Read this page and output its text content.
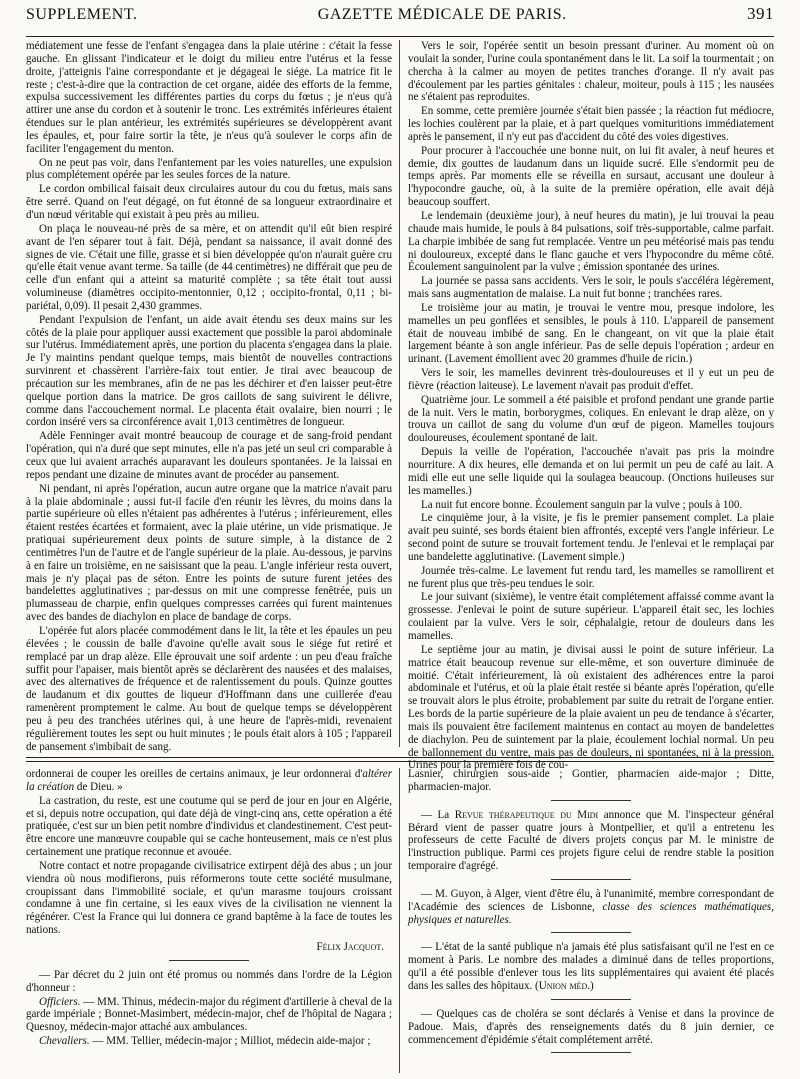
SUPPLEMENT.	GAZETTE MÉDICALE DE PARIS.	391

médiatement une fesse de l'enfant s'engagea dans la plaie utérine : c'était la fesse gauche. En glissant l'indicateur et le doigt du milieu entre l'utérus et la fesse droite, j'atteignis l'aine correspondante et je dégageai le siége. La matrice fit le reste ; c'est-à-dire que la contraction de cet organe, aidée des efforts de la femme, expulsa successivement les différentes parties du corps du fœtus ; je n'eus qu'à attirer une anse du cordon et à soutenir le tronc. Les extrémités inférieures étaient étendues sur le plan antérieur, les extrémités supérieures se développèrent avant les épaules, et, pour faire sortir la tête, je n'eus qu'à soulever le corps afin de faciliter l'engagement du menton.

On ne peut pas voir, dans l'enfantement par les voies naturelles, une expulsion plus complétement opérée par les seules forces de la nature.

Le cordon ombilical faisait deux circulaires autour du cou du fœtus, mais sans être serré. Quand on l'eut dégagé, on fut étonné de sa longueur extraordinaire et d'un nœud véritable qui existait à peu près au milieu.

On plaça le nouveau-né près de sa mère, et on attendit qu'il eût bien respiré avant de l'en séparer tout à fait. Déjà, pendant sa naissance, il avait donné des signes de vie. C'était une fille, grasse et si bien développée qu'on n'aurait guère cru qu'elle était venue avant terme. Sa taille (de 44 centimètres) ne différait que peu de celle d'un enfant qui a atteint sa maturité complète ; sa tête était tout aussi volumineuse (diamètres occipito-mentonnier, 0,12 ; occipito-frontal, 0,11 ; bi-pariétal, 0,09). Il pesait 2,430 grammes.

Pendant l'expulsion de l'enfant, un aide avait étendu ses deux mains sur les côtés de la plaie pour appliquer aussi exactement que possible la paroi abdominale sur l'utérus. Immédiatement après, une portion du placenta s'engagea dans la plaie. Je l'y maintins pendant quelque temps, mais bientôt de nouvelles contractions survinrent et chassèrent l'arrière-faix tout entier. Je tirai avec beaucoup de précaution sur les membranes, afin de ne pas les déchirer et d'en laisser peut-être quelque portion dans la matrice. De gros caillots de sang suivirent le délivre, comme dans l'accouchement normal. Le placenta était ovalaire, bien nourri ; le cordon inséré vers sa circonférence avait 1,013 centimètres de longueur.

Adèle Fenninger avait montré beaucoup de courage et de sang-froid pendant l'opération, qui n'a duré que sept minutes, elle n'a pas jeté un seul cri comparable à ceux que lui avaient arrachés auparavant les douleurs spontanées. Je la laissai en repos pendant une dizaine de minutes avant de procéder au pansement.

Ni pendant, ni après l'opération, aucun autre organe que la matrice n'avait paru à la plaie abdominale ; aussi fut-il facile d'en réunir les lèvres, du moins dans la partie supérieure où elles n'étaient pas adhérentes à l'utérus ; inférieurement, elles étaient restées écartées et formaient, avec la plaie utérine, un vide prismatique. Je pratiquai supérieurement deux points de suture simple, à la distance de 2 centimètres l'un de l'autre et de l'angle supérieur de la plaie. Au-dessous, je parvins à en faire un troisième, en ne saisissant que la peau. L'angle inférieur resta ouvert, mais je n'y plaçai pas de séton. Entre les points de suture furent jetées des bandelettes agglutinatives ; par-dessus on mit une compresse fenêtrée, puis un plumasseau de charpie, enfin quelques compresses carrées qui furent maintenues avec des bandes de diachylon en place de bandage de corps.

L'opérée fut alors placée commodément dans le lit, la tête et les épaules un peu élevées ; le coussin de balle d'avoine qu'elle avait sous le siége fut retiré et remplacé par un drap alèze. Elle éprouvait une soif ardente : un peu d'eau fraîche suffit pour l'apaiser, mais bientôt après se déclarèrent des nausées et des malaises, avec des alternatives de fréquence et de ralentissement du pouls. Quinze gouttes de laudanum et dix gouttes de liqueur d'Hoffmann dans une cuillerée d'eau ramenèrent promptement le calme. Au bout de quelque temps se développèrent peu à peu des tranchées utérines qui, à une heure de l'après-midi, revenaient régulièrement toutes les sept ou huit minutes ; le pouls était alors à 105 ; l'appareil de pansement s'imbibait de sang.

Vers le soir, l'opérée sentit un besoin pressant d'uriner. Au moment où on voulait la sonder, l'urine coula spontanément dans le lit. La soif la tourmentait ; on chercha à la calmer au moyen de petites tranches d'orange. Il n'y avait pas d'écoulement par les parties génitales : chaleur, moiteur, pouls à 115 ; les nausées ne s'étaient pas reproduites.

En somme, cette première journée s'était bien passée ; la réaction fut médiocre, les lochies coulèrent par la plaie, et à part quelques vomituritions immédiatement après le pansement, il n'y eut pas d'accident du côté des voies digestives.

Pour procurer à l'accouchée une bonne nuit, on lui fit avaler, à neuf heures et demie, dix gouttes de laudanum dans un liquide sucré. Elle s'endormit peu de temps après. Par moments elle se réveilla en sursaut, accusant une douleur à l'hypocondre gauche, où, à la suite de la première opération, elle avait déjà beaucoup souffert.

Le lendemain (deuxième jour), à neuf heures du matin), je lui trouvai la peau chaude mais humide, le pouls à 84 pulsations, soif très-supportable, calme parfait. La charpie imbibée de sang fut remplacée. Ventre un peu météorisé mais pas tendu ni douloureux, excepté dans le flanc gauche et vers l'hypocondre du même côté. Écoulement sanguinolent par la vulve ; émission spontanée des urines.

La journée se passa sans accidents. Vers le soir, le pouls s'accéléra légèrement, mais sans augmentation de malaise. La nuit fut bonne ; tranchées rares.

Le troisième jour au matin, je trouvai le ventre mou, presque indolore, les mamelles un peu gonflées et sensibles, le pouls à 110. L'appareil de pansement était de nouveau imbibé de sang. En le changeant, on vit que la plaie était largement béante à son angle inférieur. Pas de selle depuis l'opération ; ardeur en urinant. (Lavement émollient avec 20 grammes d'huile de ricin.)

Vers le soir, les mamelles devinrent très-douloureuses et il y eut un peu de fièvre (réaction laiteuse). Le lavement n'avait pas produit d'effet.

Quatrième jour. Le sommeil a été paisible et profond pendant une grande partie de la nuit. Vers le matin, borborygmes, coliques. En enlevant le drap alèze, on y trouva un caillot de sang du volume d'un œuf de pigeon. Mamelles toujours douloureuses, écoulement spontané de lait.

Depuis la veille de l'opération, l'accouchée n'avait pas pris la moindre nourriture. A dix heures, elle demanda et on lui permit un peu de café au lait. A midi elle eut une selle liquide qui la soulagea beaucoup. (Onctions huileuses sur les mamelles.)

La nuit fut encore bonne. Écoulement sanguin par la vulve ; pouls à 100.

Le cinquième jour, à la visite, je fis le premier pansement complet. La plaie avait peu suinté, ses bords étaient bien affrontés, excepté vers l'angle inférieur. Le second point de suture se trouvait fortement tendu. Je l'enlevai et le remplaçai par une bandelette agglutinative. (Lavement simple.)

Journée très-calme. Le lavement fut rendu tard, les mamelles se ramollirent et ne furent plus que très-peu tendues le soir.

Le jour suivant (sixième), le ventre était complétement affaissé comme avant la grossesse. J'enlevai le point de suture supérieur. L'appareil était sec, les lochies coulaient par la vulve. Vers le soir, céphalalgie, retour de douleurs dans les mamelles.

Le septième jour au matin, je divisai aussi le point de suture inférieur. La matrice était beaucoup revenue sur elle-même, et son ouverture diminuée de moitié. C'était inférieurement, là où existaient des adhérences entre la paroi abdominale et l'utérus, et où la plaie était restée si béante après l'opération, qu'elle se trouvait alors le plus étroite, probablement par suite du retrait de l'organe entier. Les bords de la partie supérieure de la plaie avaient un peu de tendance à s'écarter, mais ils pouvaient être facilement maintenus en contact au moyen de bandelettes de diachylon. Peu de suintement par la plaie, écoulement lochial normal. Un peu de ballonnement du ventre, mais pas de douleurs, ni spontanées, ni à la pression. Urines pour la première fois de cou-

ordonnerai de couper les oreilles de certains animaux, je leur ordonnerai d'altérer la création de Dieu. »

La castration, du reste, est une coutume qui se perd de jour en jour en Algérie, et si, depuis notre occupation, qui date déjà de vingt-cinq ans, cette opération a été pratiquée, c'est sur un bien petit nombre d'individus et clandestinement. C'est peut-être encore une manœuvre coupable qui se cache honteusement, mais ce n'est plus certainement une pratique reconnue et avouée.

Notre contact et notre propagande civilisatrice extirpent déjà des abus ; un jour viendra où nous modifierons, puis réformerons toute cette société musulmane, croupissant dans l'immobilité sociale, et qu'un marasme toujours croissant condamne à une fin certaine, si les eaux vives de la civilisation ne viennent la régénérer. C'est la France qui lui donnera ce grand baptême à la face de toutes les nations.

Félix Jacquot.

— Par décret du 2 juin ont été promus ou nommés dans l'ordre de la Légion d'honneur :

Officiers. — MM. Thinus, médecin-major du régiment d'artillerie à cheval de la garde impériale ; Bonnet-Masimbert, médecin-major, chef de l'hôpital de Nagara ; Quesnoy, médecin-major attaché aux ambulances.

Chevaliers. — MM. Tellier, médecin-major ; Milliot, médecin aide-major ;

Lasnier, chirurgien sous-aide ; Gontier, pharmacien aide-major ; Ditte, pharmacien-major.

— La Revue thérapeutique du Midi annonce que M. l'inspecteur général Bérard vient de passer quatre jours à Montpellier, et qu'il a entretenu les professeurs de cette Faculté de divers projets conçus par M. le ministre de l'instruction publique. Parmi ces projets figure celui de rendre stable la position temporaire d'agrégé.

— M. Guyon, à Alger, vient d'être élu, à l'unanimité, membre correspondant de l'Académie des sciences de Lisbonne, classe des sciences mathématiques, physiques et naturelles.

— L'état de la santé publique n'a jamais été plus satisfaisant qu'il ne l'est en ce moment à Paris. Le nombre des malades a diminué dans de telles proportions, qu'il a été possible d'enlever tous les lits supplémentaires qui avaient été placés dans les salles des hôpitaux. (Union méd.)

— Quelques cas de choléra se sont déclarés à Venise et dans la province de Padoue. Mais, d'après des renseignements datés du 8 juin dernier, ce commencement d'épidémie s'était complétement arrêté.
